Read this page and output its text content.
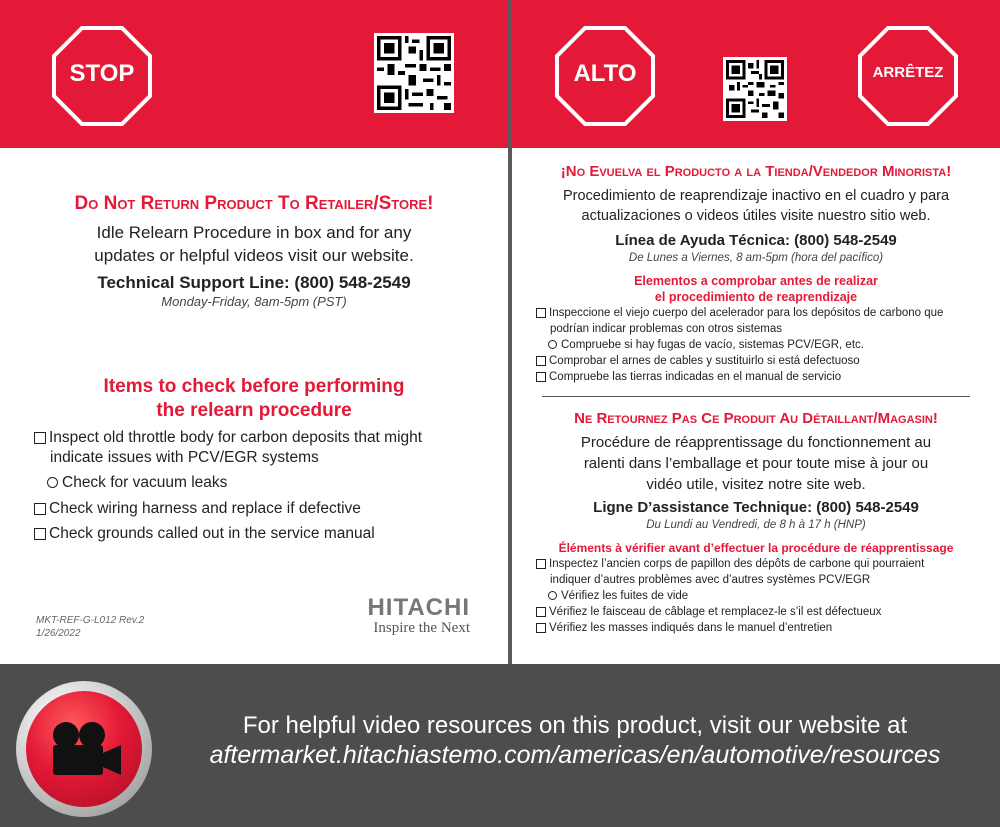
STOP
Do Not Return Product To Retailer/Store!
Idle Relearn Procedure in box and for any
updates or helpful videos visit our website.
Technical Support Line: (800) 548-2549
Monday-Friday, 8am-5pm (PST)
Items to check before performing
the relearn procedure
Inspect old throttle body for carbon deposits that might
indicate issues with PCV/EGR systems
Check for vacuum leaks
Check wiring harness and replace if defective
Check grounds called out in the service manual
MKT-REF-G-L012 Rev.2
1/26/2022
HITACHI
Inspire the Next
ALTO	ARRÊTEZ
¡No Evuelva el Producto a la Tienda/Vendedor Minorista!
Procedimiento de reaprendizaje inactivo en el cuadro y para
actualizaciones o videos útiles visite nuestro sitio web.
Línea de Ayuda Técnica: (800) 548-2549
De Lunes a Viernes, 8 am-5pm (hora del pacífico)
Elementos a comprobar antes de realizar
el procedimiento de reaprendizaje
Inspeccione el viejo cuerpo del acelerador para los depósitos de carbono que
podrían indicar problemas con otros sistemas
Compruebe si hay fugas de vacío, sistemas PCV/EGR, etc.
Comprobar el arnes de cables y sustituirlo si está defectuoso
Compruebe las tierras indicadas en el manual de servicio
Ne Retournez Pas Ce Produit Au Détaillant/Magasin!
Procédure de réapprentissage du fonctionnement au
ralenti dans l’emballage et pour toute mise à jour ou
vidéo utile, visitez notre site web.
Ligne D’assistance Technique: (800) 548-2549
Du Lundi au Vendredi, de 8 h à 17 h (HNP)
Éléments à vérifier avant d’effectuer la procédure de réapprentissage
Inspectez l’ancien corps de papillon des dépôts de carbone qui pourraient
indiquer d’autres problèmes avec d’autres systèmes PCV/EGR
Vérifiez les fuites de vide
Vérifiez le faisceau de câblage et remplacez-le s’il est défectueux
Vérifiez les masses indiqués dans le manuel d’entretien
For helpful video resources on this product, visit our website at
aftermarket.hitachiastemo.com/americas/en/automotive/resources
